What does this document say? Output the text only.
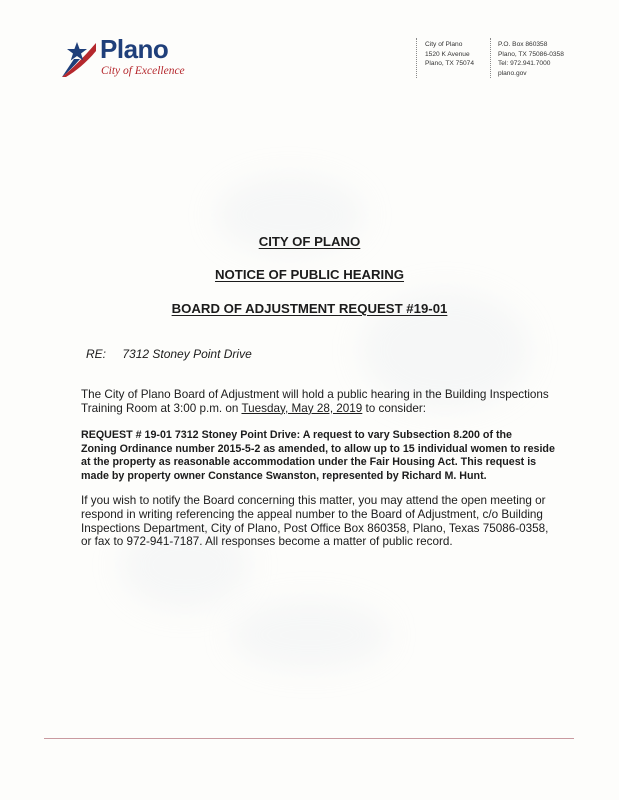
Plano
City of Excellence
City of Plano
1520 K Avenue
Plano, TX 75074
P.O. Box 860358
Plano, TX 75086-0358
Tel: 972.941.7000
plano.gov
CITY OF PLANO
NOTICE OF PUBLIC HEARING
BOARD OF ADJUSTMENT REQUEST #19-01
RE: 7312 Stoney Point Drive
The City of Plano Board of Adjustment will hold a public hearing in the Building Inspections
Training Room at 3:00 p.m. on Tuesday, May 28, 2019 to consider:
REQUEST # 19-01 7312 Stoney Point Drive: A request to vary Subsection 8.200 of the
Zoning Ordinance number 2015-5-2 as amended, to allow up to 15 individual women to reside
at the property as reasonable accommodation under the Fair Housing Act. This request is
made by property owner Constance Swanston, represented by Richard M. Hunt.
If you wish to notify the Board concerning this matter, you may attend the open meeting or
respond in writing referencing the appeal number to the Board of Adjustment, c/o Building
Inspections Department, City of Plano, Post Office Box 860358, Plano, Texas 75086-0358,
or fax to 972-941-7187. All responses become a matter of public record.
